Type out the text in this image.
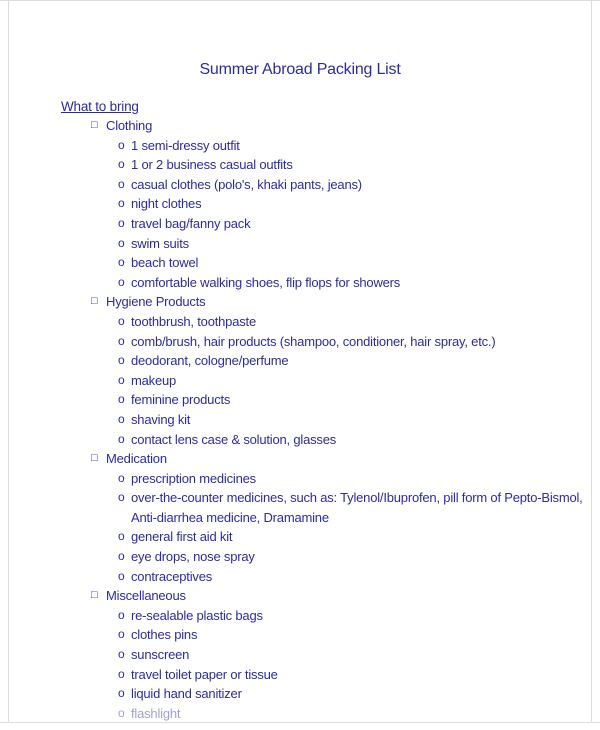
Summer Abroad Packing List
What to bring
□ Clothing
o 1 semi-dressy outfit
o 1 or 2 business casual outfits
o casual clothes (polo's, khaki pants, jeans)
o night clothes
o travel bag/fanny pack
o swim suits
o beach towel
o comfortable walking shoes, flip flops for showers
□ Hygiene Products
o toothbrush, toothpaste
o comb/brush, hair products (shampoo, conditioner, hair spray, etc.)
o deodorant, cologne/perfume
o makeup
o feminine products
o shaving kit
o contact lens case & solution, glasses
□ Medication
o prescription medicines
o over-the-counter medicines, such as: Tylenol/Ibuprofen, pill form of Pepto-Bismol,
Anti-diarrhea medicine, Dramamine
o general first aid kit
o eye drops, nose spray
o contraceptives
□ Miscellaneous
o re-sealable plastic bags
o clothes pins
o sunscreen
o travel toilet paper or tissue
o liquid hand sanitizer
o flashlight
